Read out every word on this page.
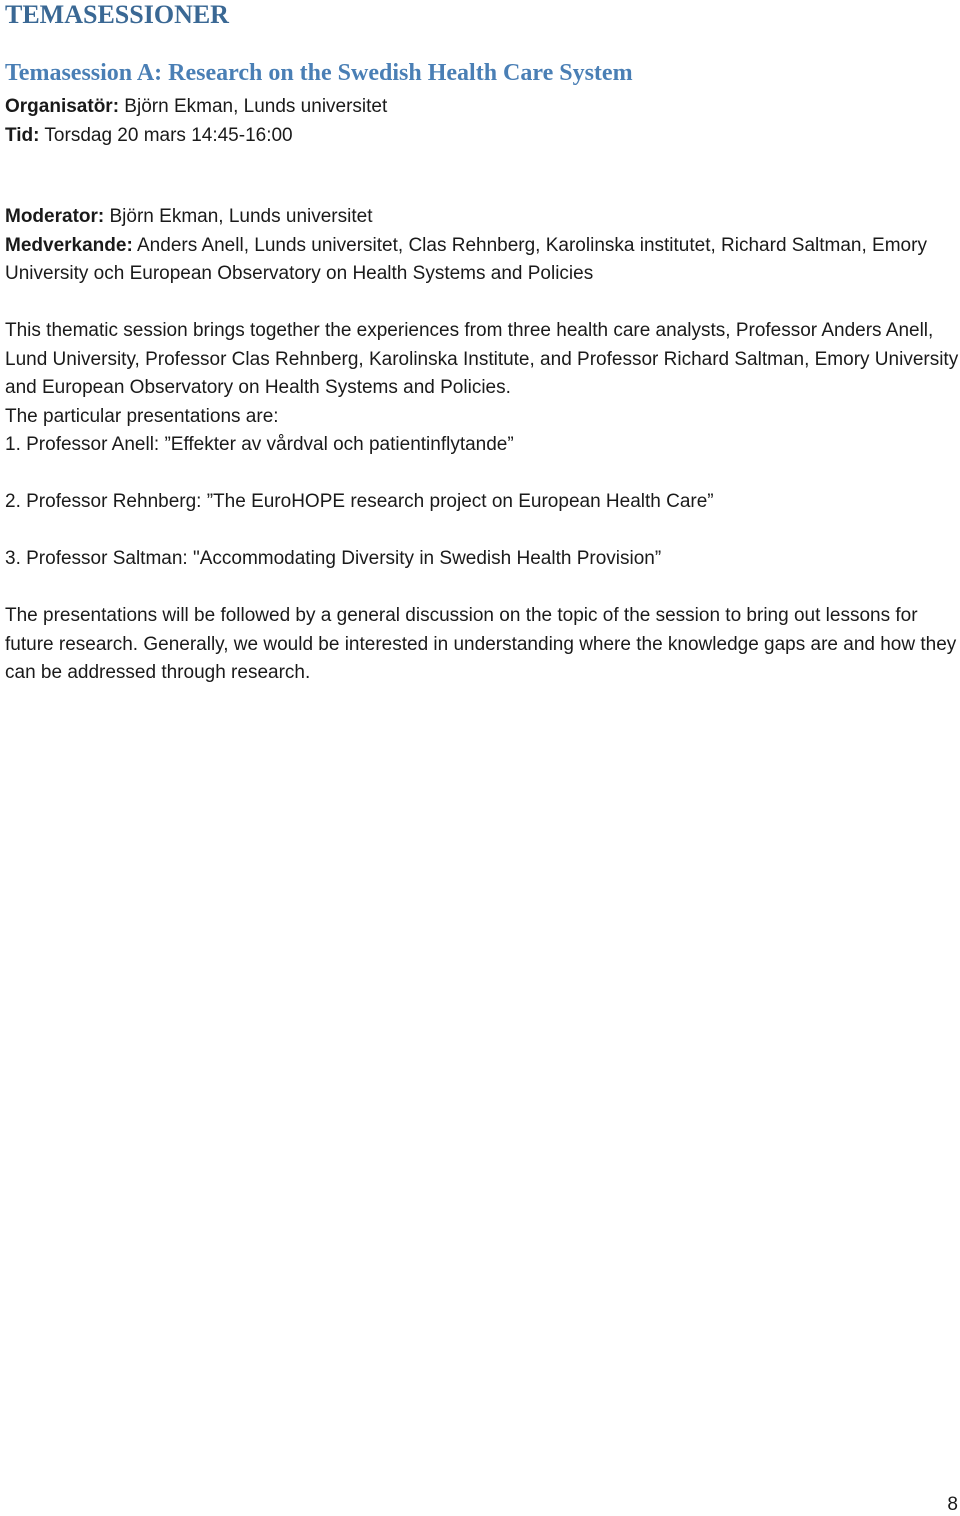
TEMASESSIONER
Temasession A: Research on the Swedish Health Care System

Organisatör: Björn Ekman, Lunds universitet

Tid: Torsdag 20 mars 14:45-16:00

Moderator: Björn Ekman, Lunds universitet

Medverkande: Anders Anell, Lunds universitet, Clas Rehnberg, Karolinska institutet, Richard Saltman, Emory University och European Observatory on Health Systems and Policies

This thematic session brings together the experiences from three health care analysts, Professor Anders Anell, Lund University, Professor Clas Rehnberg, Karolinska Institute, and Professor Richard Saltman, Emory University and European Observatory on Health Systems and Policies.

The particular presentations are:

1. Professor Anell: ”Effekter av vårdval och patientinflytande”

2. Professor Rehnberg: ”The EuroHOPE research project on European Health Care”

3. Professor Saltman: "Accommodating Diversity in Swedish Health Provision”

The presentations will be followed by a general discussion on the topic of the session to bring out lessons for future research. Generally, we would be interested in understanding where the knowledge gaps are and how they can be addressed through research.

8
